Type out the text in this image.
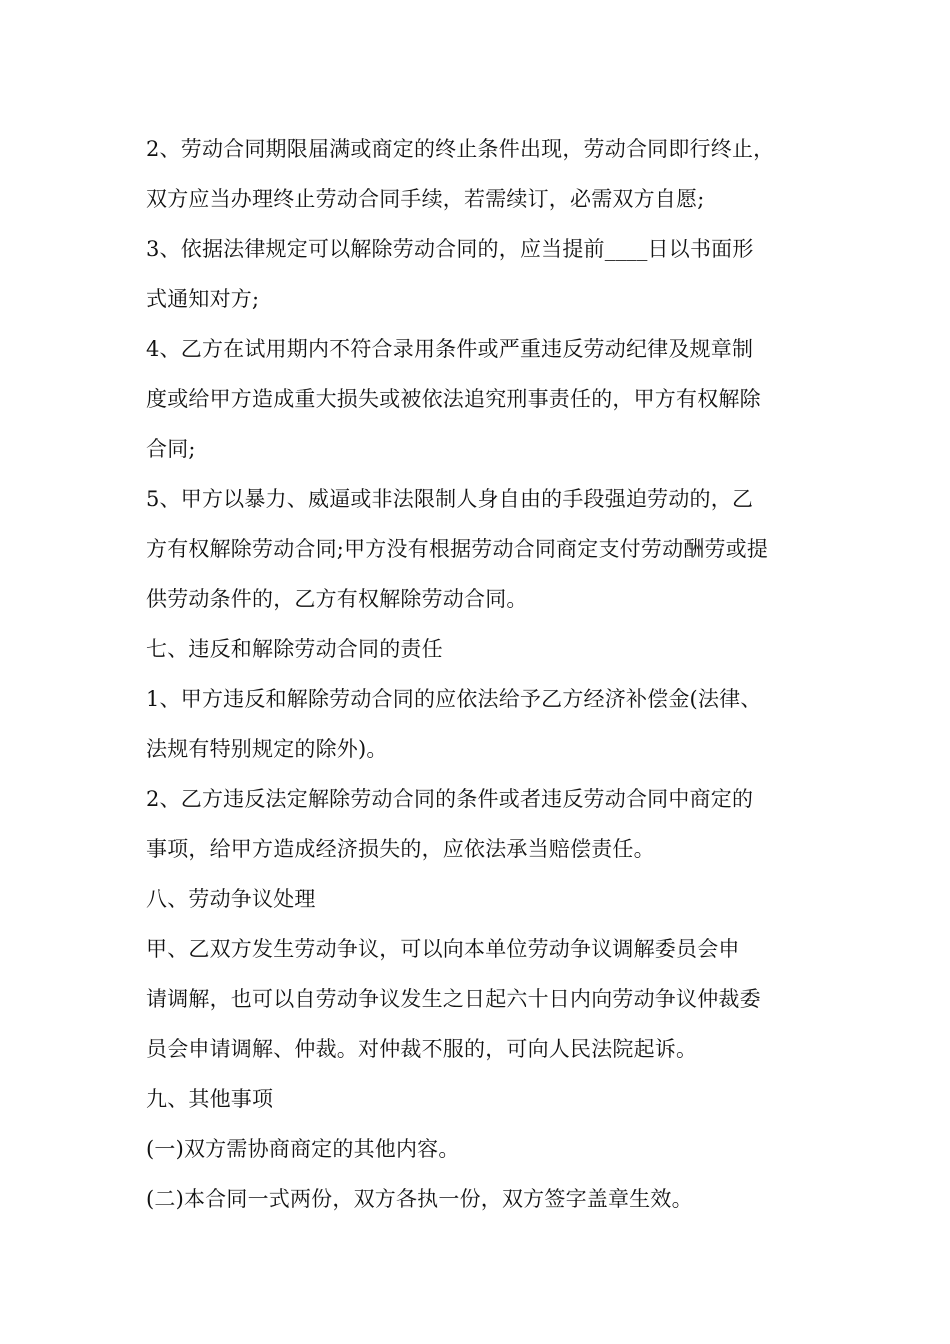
2、劳动合同期限届满或商定的终止条件出现，劳动合同即行终止，
双方应当办理终止劳动合同手续，若需续订，必需双方自愿;
3、依据法律规定可以解除劳动合同的，应当提前____日以书面形
式通知对方;
4、乙方在试用期内不符合录用条件或严重违反劳动纪律及规章制
度或给甲方造成重大损失或被依法追究刑事责任的，甲方有权解除
合同;
5、甲方以暴力、威逼或非法限制人身自由的手段强迫劳动的，乙
方有权解除劳动合同;甲方没有根据劳动合同商定支付劳动酬劳或提
供劳动条件的，乙方有权解除劳动合同。
七、违反和解除劳动合同的责任
1、甲方违反和解除劳动合同的应依法给予乙方经济补偿金(法律、
法规有特别规定的除外)。
2、乙方违反法定解除劳动合同的条件或者违反劳动合同中商定的
事项，给甲方造成经济损失的，应依法承当赔偿责任。
八、劳动争议处理
甲、乙双方发生劳动争议，可以向本单位劳动争议调解委员会申
请调解，也可以自劳动争议发生之日起六十日内向劳动争议仲裁委
员会申请调解、仲裁。对仲裁不服的，可向人民法院起诉。
九、其他事项
(一)双方需协商商定的其他内容。
(二)本合同一式两份，双方各执一份，双方签字盖章生效。
